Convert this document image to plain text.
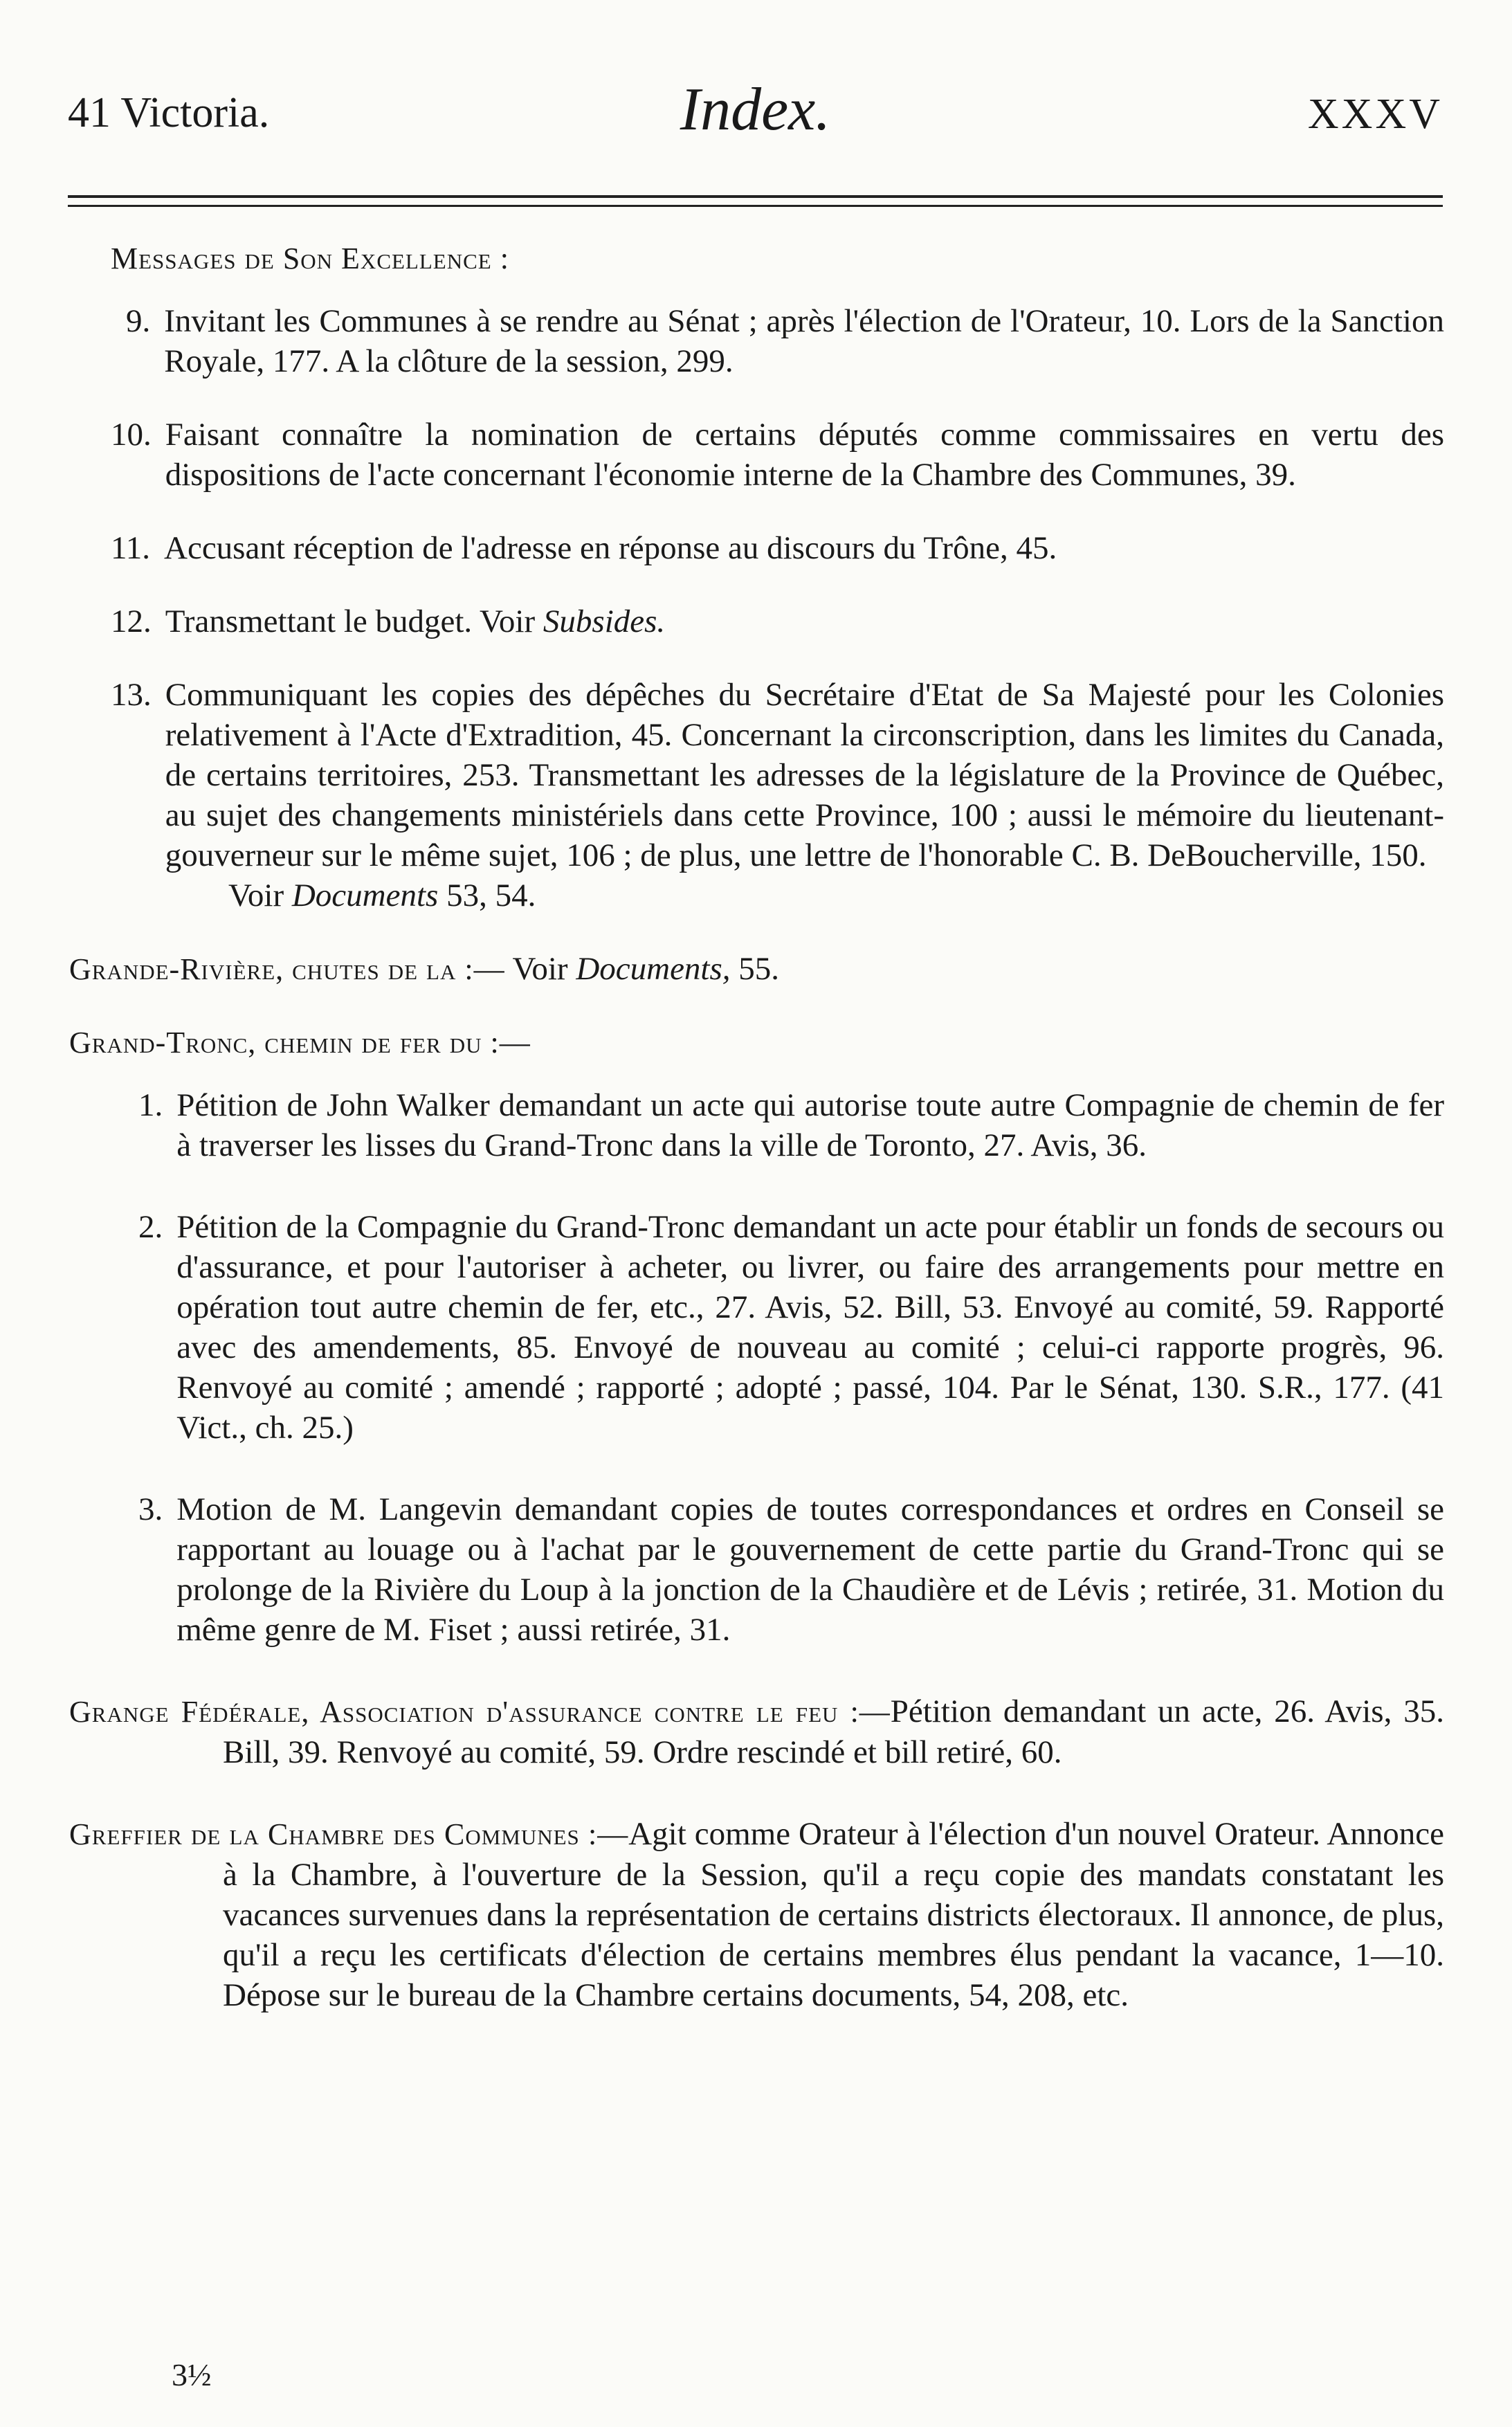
41 Victoria.	Index.	XXXV
Messages de Son Excellence :
9. Invitant les Communes à se rendre au Sénat ; après l'élection de l'Orateur, 10. Lors de la Sanction Royale, 177. A la clôture de la session, 299.
10. Faisant connaître la nomination de certains députés comme commissaires en vertu des dispositions de l'acte concernant l'économie interne de la Chambre des Communes, 39.
11. Accusant réception de l'adresse en réponse au discours du Trône, 45.
12. Transmettant le budget. Voir Subsides.
13. Communiquant les copies des dépêches du Secrétaire d'Etat de Sa Majesté pour les Colonies relativement à l'Acte d'Extradition, 45. Concernant la circonscription, dans les limites du Canada, de certains territoires, 253. Transmettant les adresses de la législature de la Province de Québec, au sujet des changements ministériels dans cette Province, 100 ; aussi le mémoire du lieutenant-gouverneur sur le même sujet, 106 ; de plus, une lettre de l'honorable C. B. DeBoucherville, 150.
Voir Documents 53, 54.
Grande-Rivière, chutes de la :— Voir Documents, 55.
Grand-Tronc, chemin de fer du :—
1. Pétition de John Walker demandant un acte qui autorise toute autre Compagnie de chemin de fer à traverser les lisses du Grand-Tronc dans la ville de Toronto, 27. Avis, 36.
2. Pétition de la Compagnie du Grand-Tronc demandant un acte pour établir un fonds de secours ou d'assurance, et pour l'autoriser à acheter, ou livrer, ou faire des arrangements pour mettre en opération tout autre chemin de fer, etc., 27. Avis, 52. Bill, 53. Envoyé au comité, 59. Rapporté avec des amendements, 85. Envoyé de nouveau au comité ; celui-ci rapporte progrès, 96. Renvoyé au comité ; amendé ; rapporté ; adopté ; passé, 104. Par le Sénat, 130. S.R., 177. (41 Vict., ch. 25.)
3. Motion de M. Langevin demandant copies de toutes correspondances et ordres en Conseil se rapportant au louage ou à l'achat par le gouvernement de cette partie du Grand-Tronc qui se prolonge de la Rivière du Loup à la jonction de la Chaudière et de Lévis ; retirée, 31. Motion du même genre de M. Fiset ; aussi retirée, 31.
Grange Fédérale, Association d'assurance contre le feu :—Pétition demandant un acte, 26. Avis, 35. Bill, 39. Renvoyé au comité, 59. Ordre rescindé et bill retiré, 60.
Greffier de la Chambre des Communes :—Agit comme Orateur à l'élection d'un nouvel Orateur. Annonce à la Chambre, à l'ouverture de la Session, qu'il a reçu copie des mandats constatant les vacances survenues dans la représentation de certains districts électoraux. Il annonce, de plus, qu'il a reçu les certificats d'élection de certains membres élus pendant la vacance, 1—10. Dépose sur le bureau de la Chambre certains documents, 54, 208, etc.
3½
